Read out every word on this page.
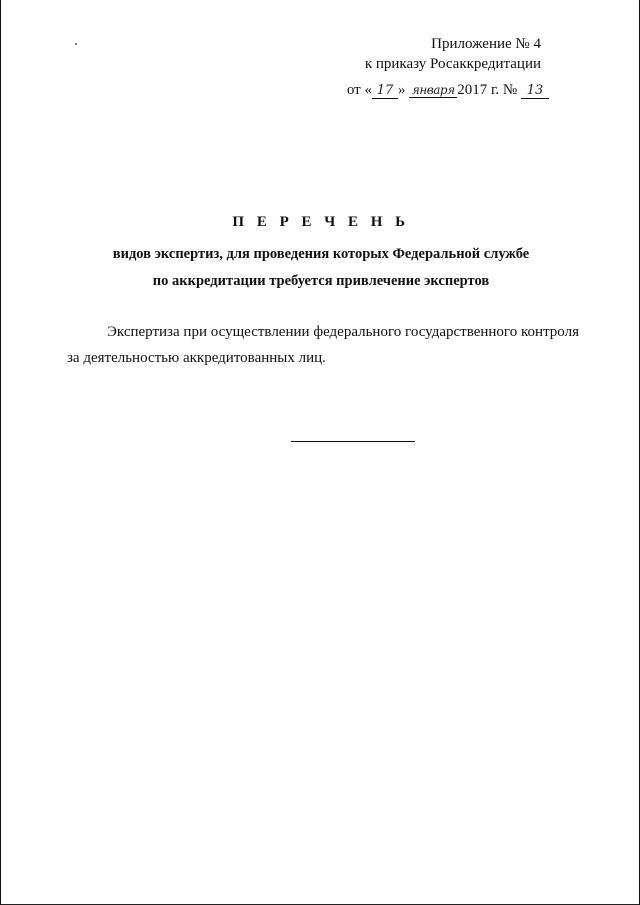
Приложение № 4
к приказу Росаккредитации
от « 17 » января 2017 г. № 13
П Е Р Е Ч Е Н Ь
видов экспертиз, для проведения которых Федеральной службе
по аккредитации требуется привлечение экспертов
Экспертиза при осуществлении федерального государственного контроля
за деятельностью аккредитованных лиц.
